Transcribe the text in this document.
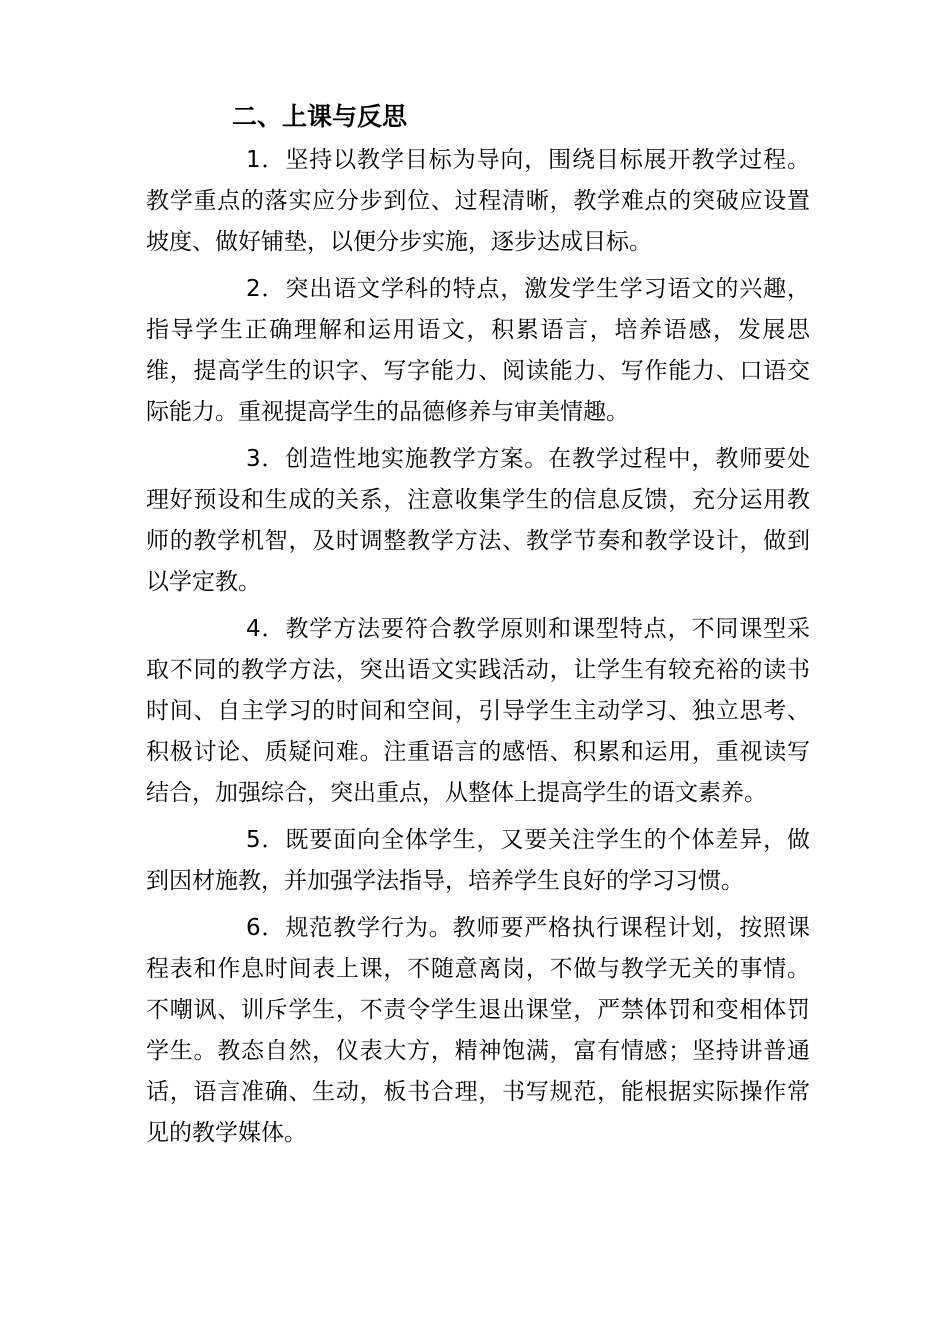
二、上课与反思

1．坚持以教学目标为导向，围绕目标展开教学过程。教学重点的落实应分步到位、过程清晰，教学难点的突破应设置坡度、做好铺垫，以便分步实施，逐步达成目标。

2．突出语文学科的特点，激发学生学习语文的兴趣，指导学生正确理解和运用语文，积累语言，培养语感，发展思维，提高学生的识字、写字能力、阅读能力、写作能力、口语交际能力。重视提高学生的品德修养与审美情趣。

3．创造性地实施教学方案。在教学过程中，教师要处理好预设和生成的关系，注意收集学生的信息反馈，充分运用教师的教学机智，及时调整教学方法、教学节奏和教学设计，做到以学定教。

4．教学方法要符合教学原则和课型特点，不同课型采取不同的教学方法，突出语文实践活动，让学生有较充裕的读书时间、自主学习的时间和空间，引导学生主动学习、独立思考、积极讨论、质疑问难。注重语言的感悟、积累和运用，重视读写结合，加强综合，突出重点，从整体上提高学生的语文素养。

5．既要面向全体学生，又要关注学生的个体差异，做到因材施教，并加强学法指导，培养学生良好的学习习惯。

6．规范教学行为。教师要严格执行课程计划，按照课程表和作息时间表上课，不随意离岗，不做与教学无关的事情。不嘲讽、训斥学生，不责令学生退出课堂，严禁体罚和变相体罚学生。教态自然，仪表大方，精神饱满，富有情感；坚持讲普通话，语言准确、生动，板书合理，书写规范，能根据实际操作常见的教学媒体。
